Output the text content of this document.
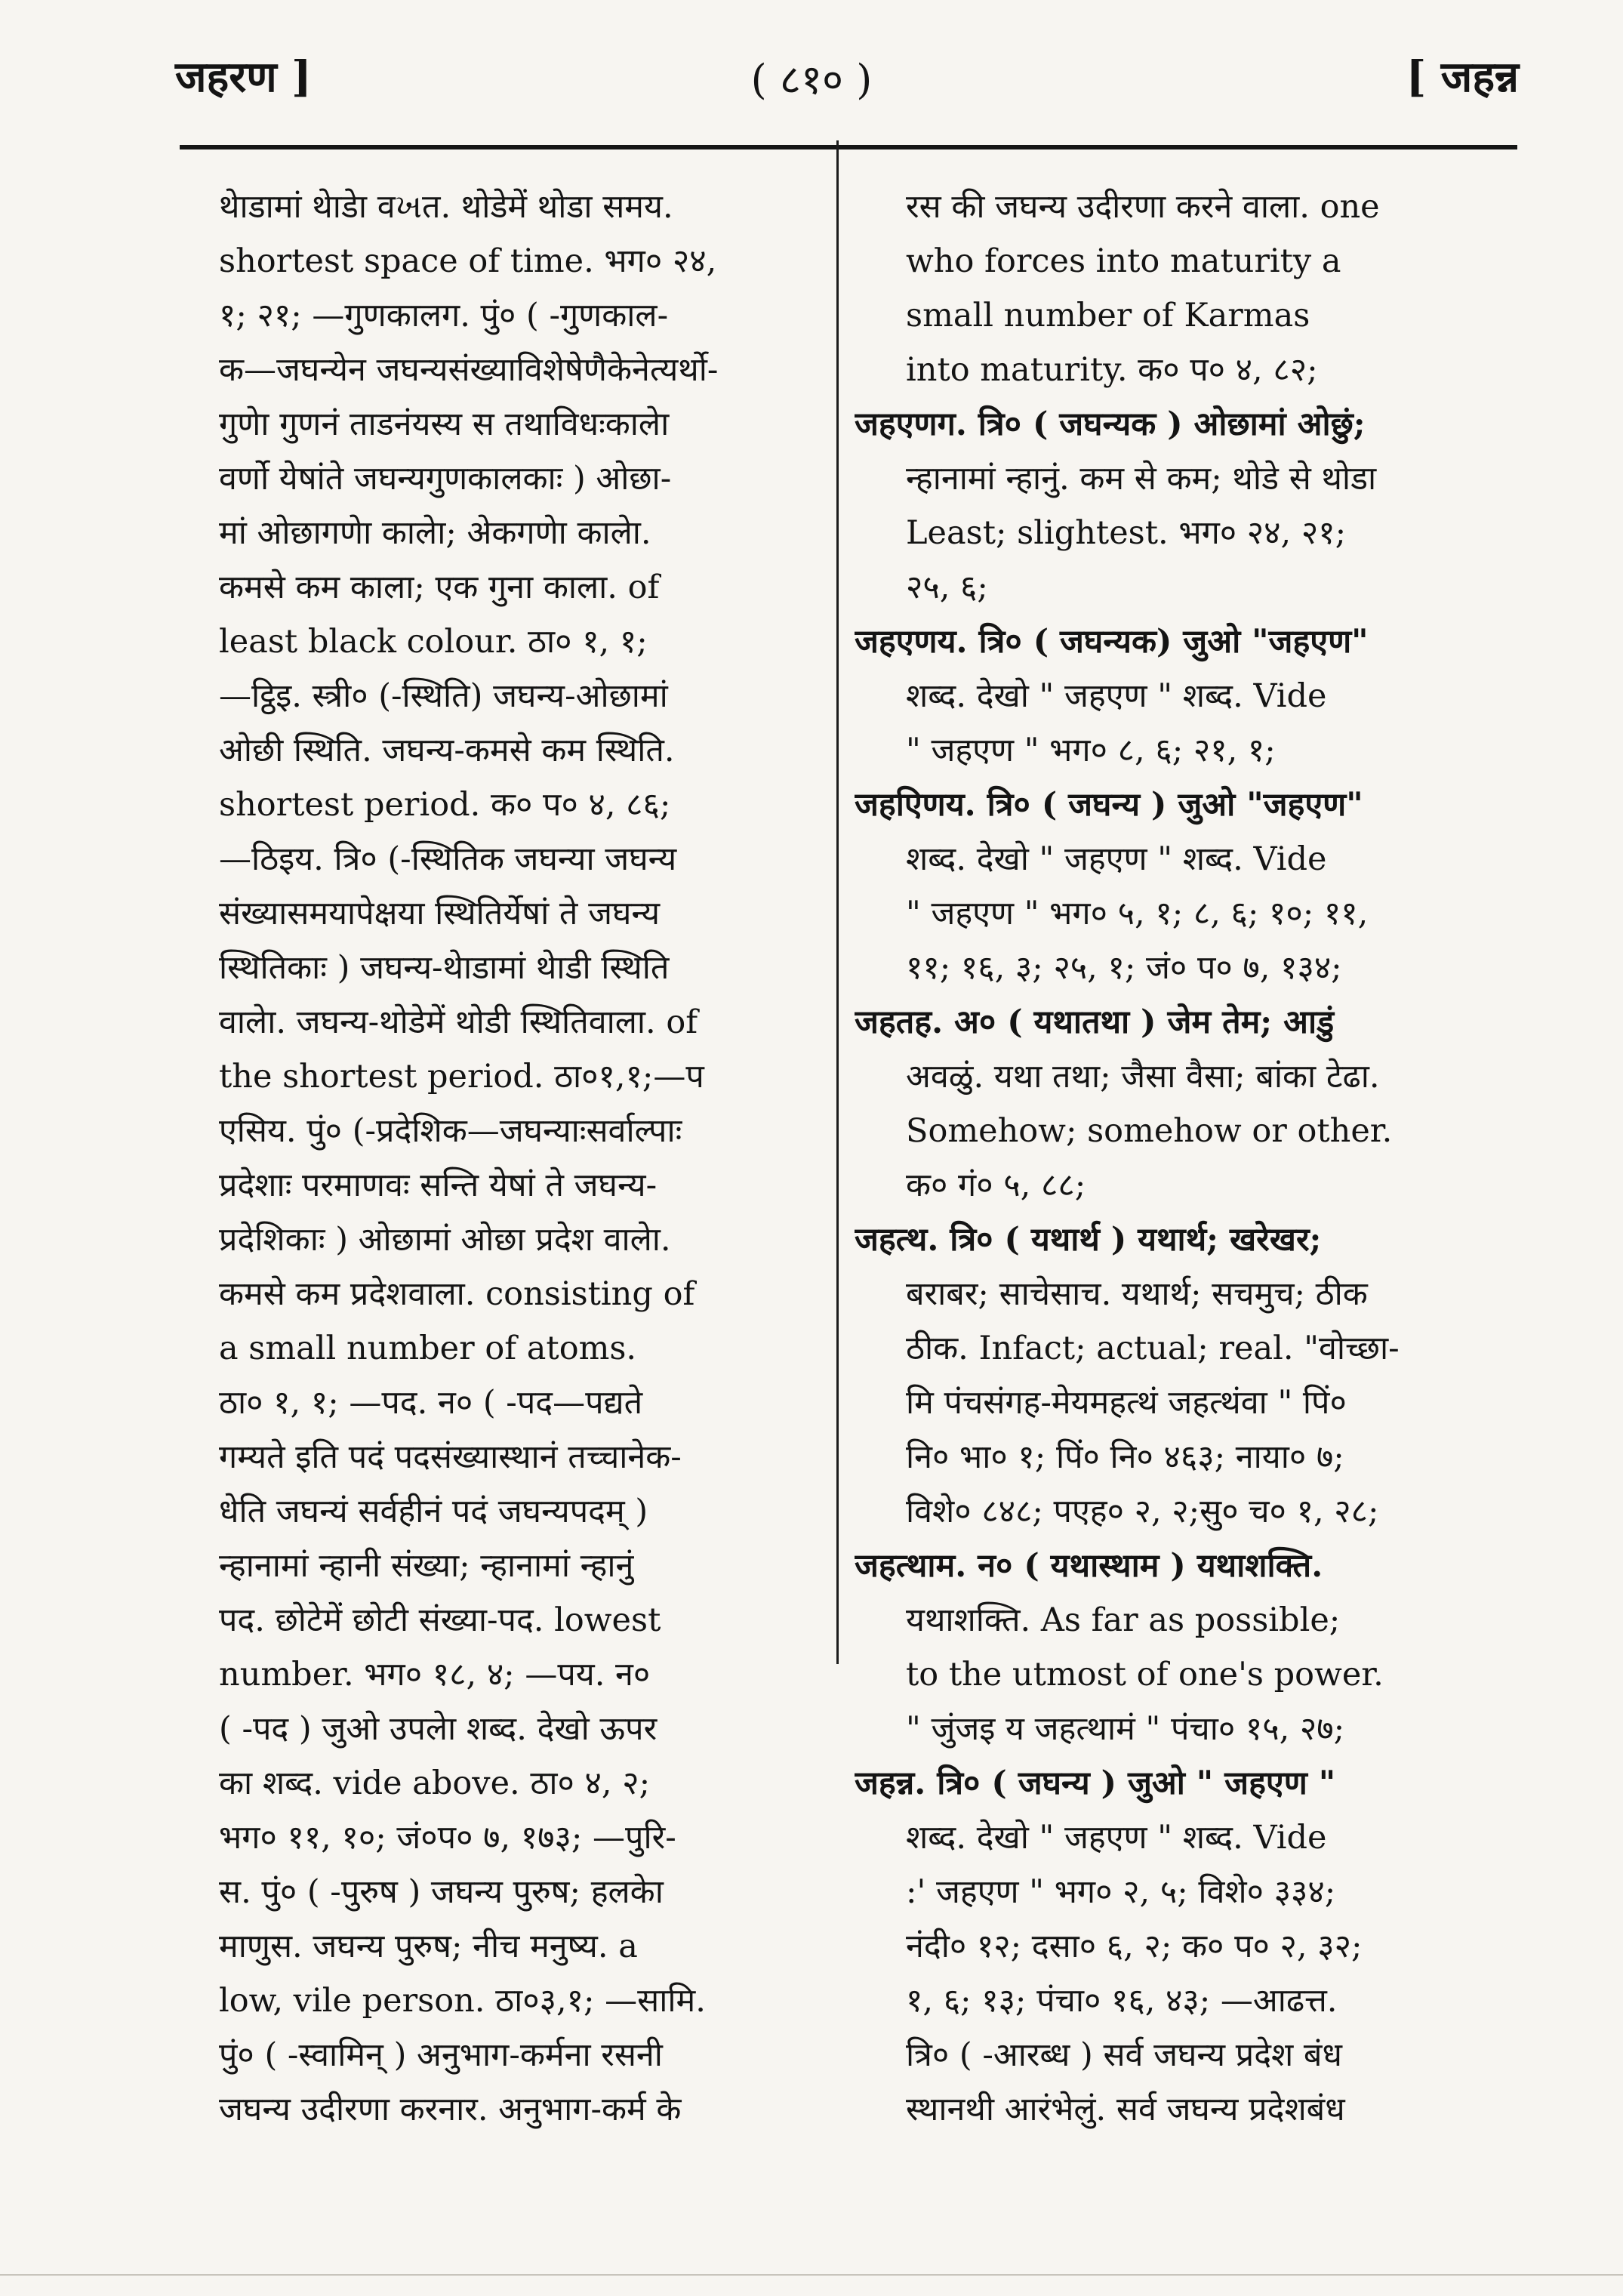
जहरण ]	( ८१० )	[ जहन्न
थेाडामां थेाडेा वખत. थोडेमें थोडा समय.
shortest space of time. भग० २४,
१; २१; —गुणकालग. पुं० ( -गुणकाल-
क—जघन्येन जघन्यसंख्याविशेषेणैकेनेत्यर्थो-
गुणेा गुणनं ताडनंयस्य स तथाविधःकालेा
वर्णो येषांते जघन्यगुणकालकाः ) ओछा-
मां ओछागणेा कालेा; अेकगणेा कालेा.
कमसे कम काला; एक गुना काला. of
least black colour. ठा० १, १;
—ट्ठिइ. स्त्री० (-स्थिति) जघन्य-ओछामां
ओछी स्थिति. जघन्य-कमसे कम स्थिति.
shortest period. क० प० ४, ८६;
—ठिइय. त्रि० (-स्थितिक जघन्या जघन्य
संख्यासमयापेक्षया स्थितिर्येषां ते जघन्य
स्थितिकाः ) जघन्य-थेाडामां थेाडी स्थिति
वालेा. जघन्य-थोडेमें थोडी स्थितिवाला. of
the shortest period. ठा०१,१;—प
एसिय. पुं० (-प्रदेशिक—जघन्याःसर्वाल्पाः
प्रदेशाः परमाणवः सन्ति येषां ते जघन्य-
प्रदेशिकाः ) ओछामां ओछा प्रदेश वालेा.
कमसे कम प्रदेशवाला. consisting of
a small number of atoms.
ठा० १, १; —पद. न० ( -पद—पद्यते
गम्यते इति पदं पदसंख्यास्थानं तच्चानेक-
धेति जघन्यं सर्वहीनं पदं जघन्यपदम् )
न्हानामां न्हानी संख्या; न्हानामां न्हानुं
पद. छोटेमें छोटी संख्या-पद. lowest
number. भग० १८, ४; —पय. न०
( -पद ) जुओ उपलेा शब्द. देखो ऊपर
का शब्द. vide above. ठा० ४, २;
भग० ११, १०; जं०प० ७, १७३; —पुरि-
स. पुं० ( -पुरुष ) जघन्य पुरुष; हलकेा
माणुस. जघन्य पुरुष; नीच मनुष्य. a
low, vile person. ठा०३,१; —सामि.
पुं० ( -स्वामिन् ) अनुभाग-कर्मना रसनी
जघन्य उदीरणा करनार. अनुभाग-कर्म के
रस की जघन्य उदीरणा करने वाला. one
who forces into maturity a
small number of Karmas
into maturity. क० प० ४, ८२;
जहएणग. त्रि० ( जघन्यक ) ओछामां ओछुं;
न्हानामां न्हानुं. कम से कम; थोडे से थोडा
Least; slightest. भग० २४, २१;
२५, ६;
जहएणय. त्रि० ( जघन्यक) जुओ "जहएण"
शब्द. देखो " जहएण " शब्द. Vide
" जहएण " भग० ८, ६; २१, १;
जहएिणय. त्रि० ( जघन्य ) जुओ "जहएण"
शब्द. देखो " जहएण " शब्द. Vide
" जहएण " भग० ५, १; ८, ६; १०; ११,
११; १६, ३; २५, १; जं० प० ७, १३४;
जहतह. अ० ( यथातथा ) जेम तेम; आडुं
अवळुं. यथा तथा; जैसा वैसा; बांका टेढा.
Somehow; somehow or other.
क० गं० ५, ८८;
जहत्थ. त्रि० ( यथार्थ ) यथार्थ; खरेखर;
बराबर; साचेसाच. यथार्थ; सचमुच; ठीक
ठीक. Infact; actual; real. "वोच्छा-
मि पंचसंगह-मेयमहत्थं जहत्थंवा " पिं०
नि० भा० १; पिं० नि० ४६३; नाया० ७;
विशे० ८४८; पएह० २, २;सु० च० १, २८;
जहत्थाम. न० ( यथास्थाम ) यथाशक्ति.
यथाशक्ति. As far as possible;
to the utmost of one's power.
" जुंजइ य जहत्थामं " पंचा० १५, २७;
जहन्न. त्रि० ( जघन्य ) जुओ " जहएण "
शब्द. देखो " जहएण " शब्द. Vide
:' जहएण " भग० २, ५; विशे० ३३४;
नंदी० १२; दसा० ६, २; क० प० २, ३२;
१, ६; १३; पंचा० १६, ४३; —आढत्त.
त्रि० ( -आरब्ध ) सर्व जघन्य प्रदेश बंध
स्थानथी आरंभेलुं. सर्व जघन्य प्रदेशबंध
